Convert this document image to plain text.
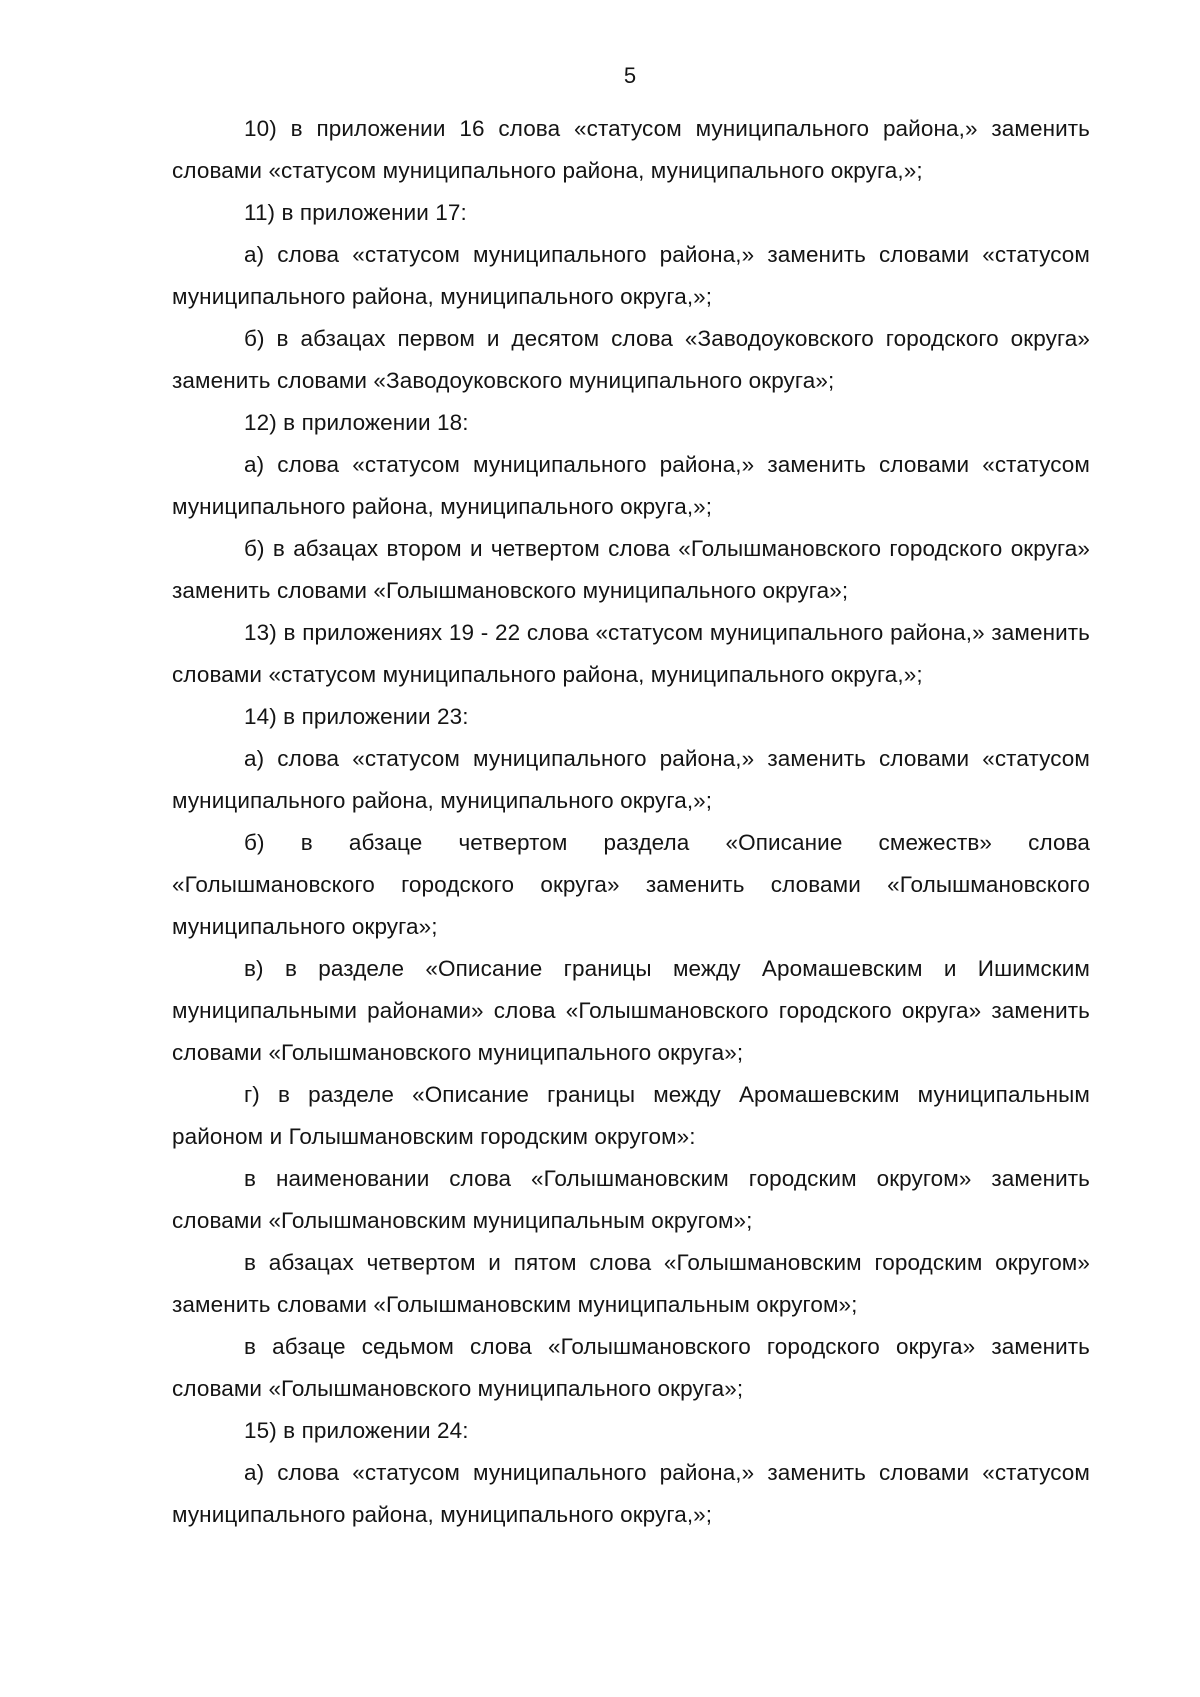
5

10) в приложении 16 слова «статусом муниципального района,» заменить словами «статусом муниципального района, муниципального округа,»;

11) в приложении 17:

а) слова «статусом муниципального района,» заменить словами «статусом муниципального района, муниципального округа,»;

б) в абзацах первом и десятом слова «Заводоуковского городского округа» заменить словами «Заводоуковского муниципального округа»;

12) в приложении 18:

а) слова «статусом муниципального района,» заменить словами «статусом муниципального района, муниципального округа,»;

б) в абзацах втором и четвертом слова «Голышмановского городского округа» заменить словами «Голышмановского муниципального округа»;

13) в приложениях 19 - 22 слова «статусом муниципального района,» заменить словами «статусом муниципального района, муниципального округа,»;

14) в приложении 23:

а) слова «статусом муниципального района,» заменить словами «статусом муниципального района, муниципального округа,»;

б) в абзаце четвертом раздела «Описание смежеств» слова «Голышмановского городского округа» заменить словами «Голышмановского муниципального округа»;

в) в разделе «Описание границы между Аромашевским и Ишимским муниципальными районами» слова «Голышмановского городского округа» заменить словами «Голышмановского муниципального округа»;

г) в разделе «Описание границы между Аромашевским муниципальным районом и Голышмановским городским округом»:

в наименовании слова «Голышмановским городским округом» заменить словами «Голышмановским муниципальным округом»;

в абзацах четвертом и пятом слова «Голышмановским городским округом» заменить словами «Голышмановским муниципальным округом»;

в абзаце седьмом слова «Голышмановского городского округа» заменить словами «Голышмановского муниципального округа»;

15) в приложении 24:

а) слова «статусом муниципального района,» заменить словами «статусом муниципального района, муниципального округа,»;
